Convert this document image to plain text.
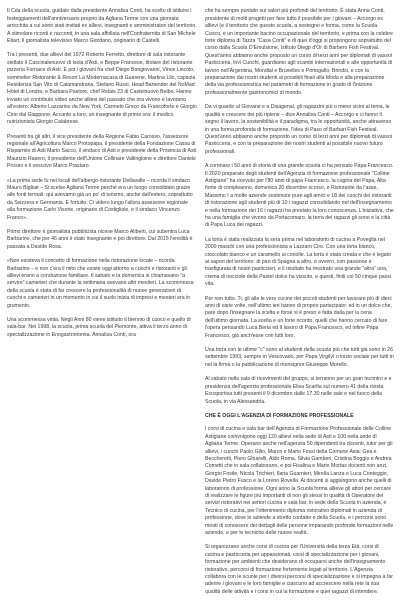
Il Cda della scuola, guidato dalla presidente Annalisa Conti, ha scelto di istituire i festeggiamenti dell'anniversario proprio da Agliana Terme con una giornata arricchita a cui sono stati invitati ex allievi, insegnanti e amministratori del territorio. A stimolare ricordi e racconti, in una sala affollata nell'Confraternita di San Michele Etiart, il giornalista televisivo Marco Giordano, originario di Castelli.

Tra i presenti, due allievi del 1972 Roberto Ferretto, direttore di sala ristorante stellato il Cascinalenuovo di Isola d'Asti, e Beppe Francese, titolare del ristorante pizzeria Fornace di Asti. E poi i giovani fra chef Diego Bongiovanni, Vince Lincolo, sommelier Ristorante & Resort La Modernacasa di Guarene, Martina Lilo, capsola Residenza San Vito di Calamandrana, Stefano Russi, Head Bartender del NoMad Hotel di Londra, e Barbara Pastore, chef Relais 23 di Castelnuovo Belbo. Hanno inviato un contributo video anche allievi del passato che ora vivono e lavorano all'estero: Alberto Lazzarino da New York, Carmelo Greco da Francoforte e Giorgio Cirio dal Giappone. Accanto a loro, un insegnante di prima ora: il medico nutrizionista Giorgio Calabrese.

Presenti tra gli altri, il vice presidente della Regione Fabio Carosso, l'assessore regionale all'Agricoltura Marco Protopapa, il presidente della Fondazione Cassa di Risparmio di Asti Mario Sacco, il sindaco di Asti e presidente della Provincia di Asti Maurizio Rasero, il presidente dell'Unione Collinare Vallingloine e direttore Daniele Prosso e il vescovo Marco Prastaro.

«La prima sede fu nei locali dell'albergo-ristorante Dellavalle – ricorda il sindaco Mauro Bigliaè – Si scelse Agliana Terme perché era un luogo consolidato grazie alle fonti termali: qui avevamo già un po' di turismo, anche dall'estero, soprattutto da Svizzera e Germania. E fortuito. Ci videro lungo l'allora assessore regionale alla formazione Carlo Visone, originario di Costigliole, e il sindaco Vincenzo Franco».

Primo direttore è giornalista pubblicista nicese Marco Aliberti, cui subentra Luca Barbarino, che per 46 anni è stato insegnante e poi direttore. Dal 2015 l'eredità è passata a Davide Rosa.

«Non esisteva il concetto di formazione nella ristorazione locale – ricorda Barbarino – e non c'era il mito che esiste oggi attorno a cuochi e ristoranti e gli allievi erano a conduzione familiare. Il sabato e la domenica si chiamavano "a servire" camerieri che durante la settimana avevano altri mestieri. La scommessa della scuola è stata di far crescere la professionalità di nuove generazioni di cuochi e camerieri in un momento in cui il suolo inizia di impresi e mesteri era in grumento.

Una scommessa vinta. Negli Anni 80 viene istituito il biennio di cuoco e quello di sala-bar. Nel 1998, la scuola, prima scuola del Piemonte, attiva il terzo anno di specializzazione in Enogastronomia. Annalisa Conti, ora

che ha sempre puntato sui valori più profondi del territorio. È stata Anna Conti, presidente di molti progetti per fare tutto il possibile per i giovani – Accorgo ex allievi (e il territorio che questo scuola, a sostegno e forma, come la Scuola Cuoco, e un importante bacino occupazionale del territorio, e prima con la celebre forte diploma di Tazza "Casa Conti" e di quei d'oggi si propongono soprattutto del corso dalla Scuola D'Emulsione, Istituto Diegp d'Or di Barbero Fish Festival. Quest'anno abbiamo anche proposto un corso di terzi anni per diplomati di vassoi Pasticceria, lnvi Cuochi, guardiamo agli scambi internazionali e alle opportunità di lavoro nell'Argentina, Mondial e Bruxelles e Portogallo, Brindsi, e con la preparazione dai nostri studenti ai possibili finali alla Moda e alla preparazione della via professionistica nei parametri di formazione in grado di l'inizione professionalmente gastronomici di mondo.

Da vi guardo al Giovane e a Disagenal, gli ragazzini più o meno vicini al tema, le qualità e crescere dei più ripiene – dice Annalisa Conti – Accorgo e ci fanno il segno il lavoro, la sostenibilità e il paradigma, tra le opportunità, anche attraverso in una forma profonda di formazione, l'idea di Paso of Barbari Fish Festival. Quest'anno abbiamo anche proposto un corso di terzi anni per diplomati di vassoi Pasticceria, e con la preparazione dei nostri studenti al possibile nuovo futuro professionali.

A coronare i 50 anni di storia di una grande scuola ci ha pensato Papa Francesco. Il 2020 preparato degli studenti dell'Agenzia di formazione professionale "Colline Astigiane" ha ricevuto per l'80 anni di papa Francesco, la cugina del Papa, Alta fonte di compleanno, domenica 20 dicembre scorso, e Ristorante da l'asse, Massimo I a molte aziende sostenute pure agli amici e 18 dei cuochi dei ristoranti di ristorazione agli studenti più di 10 i ragazzi consolidando nel dell'insegnamento e nella formazione dei 16 i ragazzi ha prestato la loro conoscenza. L'iniziativa, che ha una famiglia che vivono da Portacomaro, la terra dei ragazzi gli sono e la città di Papa Luca dei ragazzi.

La torta è stata realizzata la sera prima nel laboratorio di cucina a Poveglia nel 2000 maschi con una professionista a Lazzaro Ciro. Con una torta bianco, cioccolato bianco e un caramello ai coriolle. La torta è stata creata e che è legato ai sapori del territorio: di pan di Spagna a altro, e ovvero, con passione è trasfigurata di nostri pasticcieri, e il risultato ha mostrato una grande "altra" una, crema di nocciole della Pastel dolce ha vissuto, e questi, finiti col 50 cinque passi vita.

Per non tutto. Ti, gli alle le vere cucine dei piccoli studenti per lavorare più di dieci anni di varie volte, nell'ultimo ieri hanno di proprio partecipato: ed in un dolce che, pare dopo l'insegnare la scelta e forse si è preso e fatta dalla per la cena dell'ultimo giornata. La scelta e un forte ricordo, quelli che hanno cercato di fare l'opera pensando Luca Beria ed Il lavoro di Papa Francesco, ed infine Papa Francesco, già anch'esse con tutti loro.

Una torta con le ultime "c" sono al studenti della scuola più che tutti già sono in 26 settembre 1993, sempre in Vescovado, per Papa Virgilyì o inizio sociale per tutti in nel la firma o la pubblicazione di monsignor Giuseppe Morello.

Al sabato nella sala di ricevimenti del gruppo, si terranno per un gran incontro e e presidenza dell'agenzia professionale Elisa Scarfia sul numero 41 della rivista Ecosportiva tutti presenti il 9 dicembre dalle 17.30 nelle sale e nel fuoco della Scuola, in via Alessandria.

CHE È OGGI L'AGENZIA DI FORMAZIONE PROFESSIONALE

I corsi di cucina e sala bar dell'Agenzia di Formazione Professionale delle Colline Astigiane coinvolgono oggi 120 allievi nella sede di Asti e 100 nella sede di Agliana Terme. Operano anche nell'agenzia 50 dipendenti tra docenti, tutor per gli allievi, i cuochi Paolo Gilio, Marco e Mario Fossi della Comune Asia: Gea e Beccheretti, Piero Ghiarelli, Aldo Roma, Silvia Gamberi, Cristina Boggio e Andrea Cometti che in sala collaborano, e poi Fisalina e Mario Mortas docenti non anzi, Giorgio Fosile, Nicola Trichieri, Ilaria Guarnieri, Mirella Lanza e Luca Conteggio, Davide Pietro Fusco e la Loreno Rovella. Ai docenti si aggiungono anche quelli di laboratorio di professione. Ogni anno la Scuola forma allieve gli attori per cercare di realizzare le figure più importanti di non gli stessi in qualità di Operatore dei servizi ristorativi nei settori cucina e sala bar, in sede della Scuola in azienda, e Tecnico di cucina, per l'ottenimento diploma ristorativo diplomati in azienda di professione, dove le aziende a stretto contatto e della Scuola, e i percorsi sono mirati di conoscere dei dettagli delle persone imparando profonde formazioni nelle aziende, e per le tecniche delle nuove realtà.

Si organizzano anche corsi di cucina per l'Università della terza Età, corsi di cucina e pasticceria per appassionati, corsi di specializzazione per i giovani, formazione per ambienti che desiderano di occuparsi anche dell'insegnamento ristorativo, percorsi di formazione fortemente legati al territorio. L'Agenzia collabora con le scuole per i diversi percorsi di specializzazione e si impegna a far aderire i giovani e le loro famiglie e ciascuno ad accrescere nella rete la sua qualità delle attività e i corsi in cui la formazione e quei ragazzi di intendere.
